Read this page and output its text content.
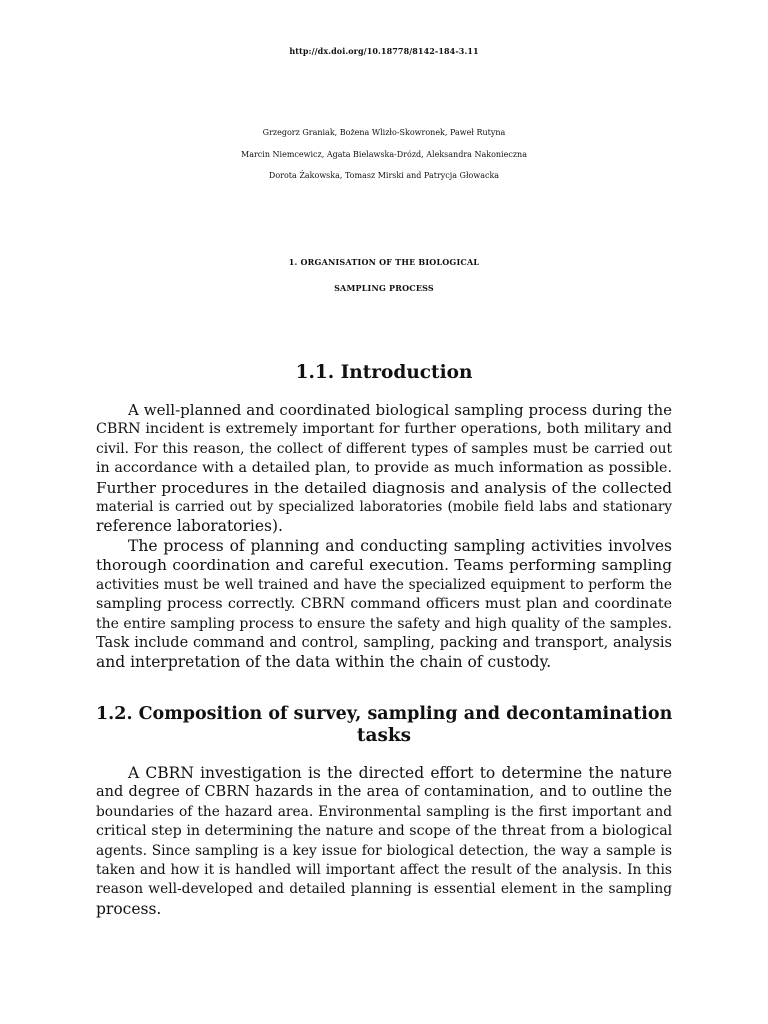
http://dx.doi.org/10.18778/8142-184-3.11
Grzegorz Graniak, Bożena Wlizło-Skowronek, Paweł Rutyna
Marcin Niemcewicz, Agata Bielawska-Drózd, Aleksandra Nakonieczna
Dorota Żakowska, Tomasz Mirski and Patrycja Głowacka
1. ORGANISATION OF THE BIOLOGICAL
SAMPLING PROCESS
1.1. Introduction
A well-planned and coordinated biological sampling process during the
CBRN incident is extremely important for further operations, both military and
civil. For this reason, the collect of different types of samples must be carried out
in accordance with a detailed plan, to provide as much information as possible.
Further procedures in the detailed diagnosis and analysis of the collected
material is carried out by specialized laboratories (mobile field labs and stationary
reference laboratories).
The process of planning and conducting sampling activities involves
thorough coordination and careful execution. Teams performing sampling
activities must be well trained and have the specialized equipment to perform the
sampling process correctly. CBRN command officers must plan and coordinate
the entire sampling process to ensure the safety and high quality of the samples.
Task include command and control, sampling, packing and transport, analysis
and interpretation of the data within the chain of custody.
1.2. Composition of survey, sampling and decontamination
tasks
A CBRN investigation is the directed effort to determine the nature
and degree of CBRN hazards in the area of contamination, and to outline the
boundaries of the hazard area. Environmental sampling is the first important and
critical step in determining the nature and scope of the threat from a biological
agents. Since sampling is a key issue for biological detection, the way a sample is
taken and how it is handled will important affect the result of the analysis. In this
reason well-developed and detailed planning is essential element in the sampling
process.
